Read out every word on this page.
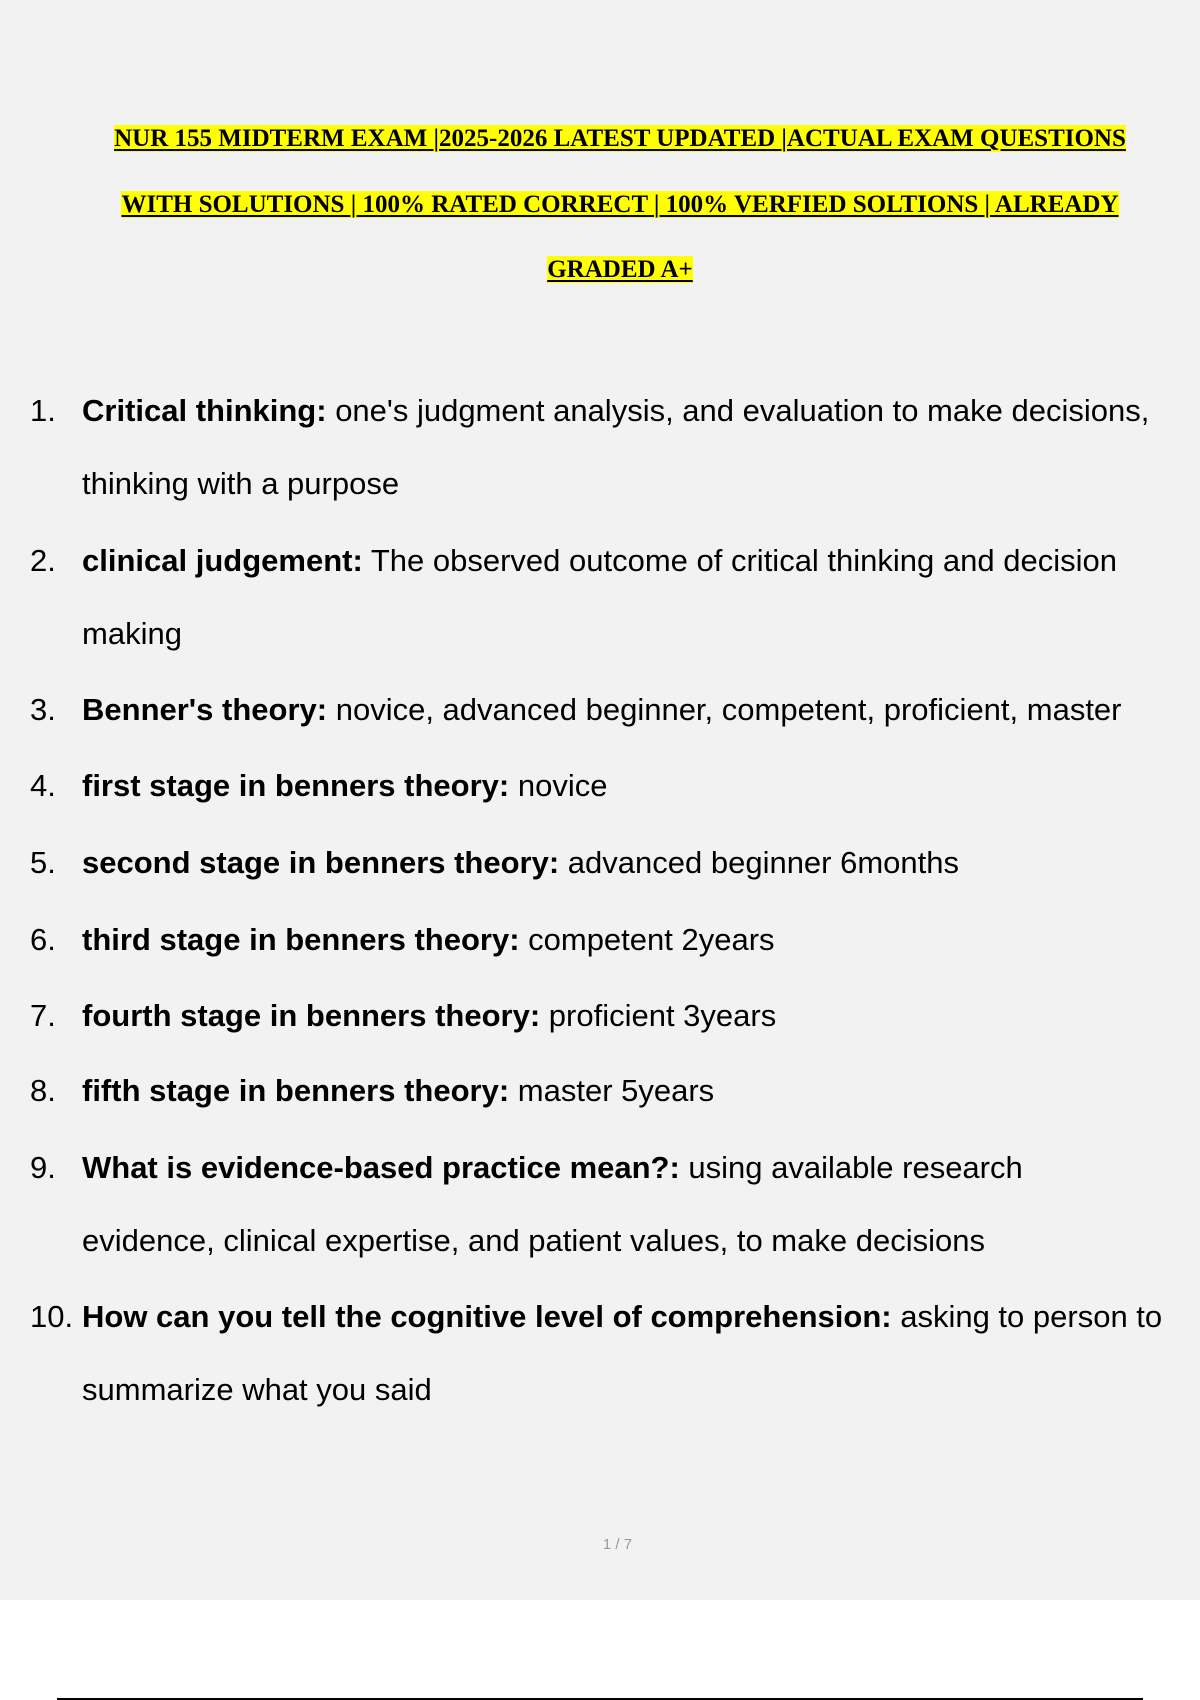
NUR 155 MIDTERM EXAM |2025-2026 LATEST UPDATED |ACTUAL EXAM QUESTIONS
WITH SOLUTIONS | 100% RATED CORRECT | 100% VERFIED SOLTIONS | ALREADY
GRADED A+
1. Critical thinking: one's judgment analysis, and evaluation to make decisions,
thinking with a purpose
2. clinical judgement: The observed outcome of critical thinking and decision
making
3. Benner's theory: novice, advanced beginner, competent, proficient, master
4. first stage in benners theory: novice
5. second stage in benners theory: advanced beginner 6months
6. third stage in benners theory: competent 2years
7. fourth stage in benners theory: proficient 3years
8. fifth stage in benners theory: master 5years
9. What is evidence-based practice mean?: using available research
evidence, clinical expertise, and patient values, to make decisions
10. How can you tell the cognitive level of comprehension: asking to person to
summarize what you said
1 / 7
